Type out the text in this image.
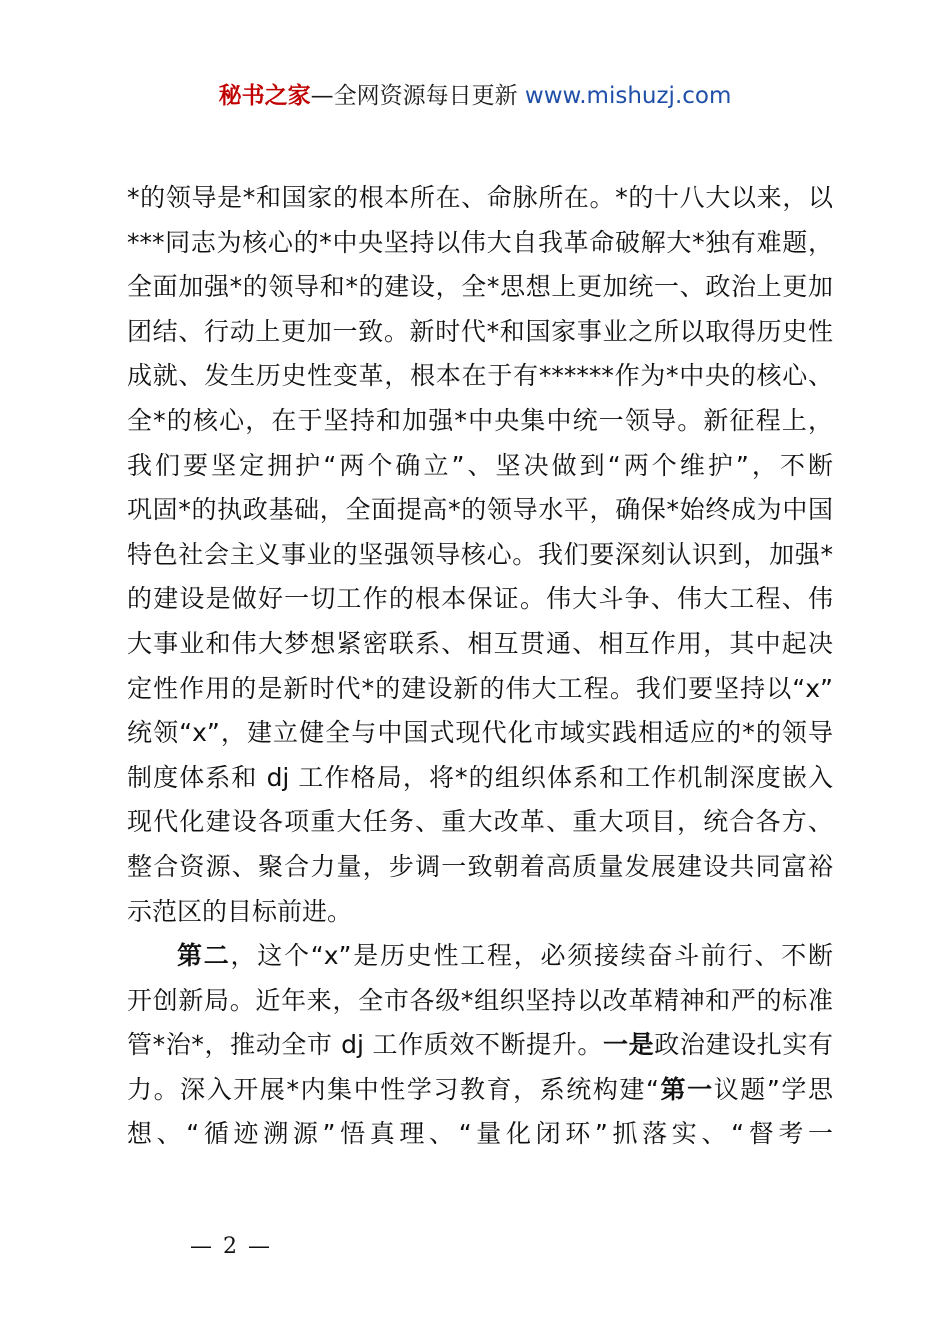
秘书之家—全网资源每日更新 www.mishuzj.com
*的领导是*和国家的根本所在、命脉所在。*的十八大以来，以
***同志为核心的*中央坚持以伟大自我革命破解大*独有难题，
全面加强*的领导和*的建设，全*思想上更加统一、政治上更加
团结、行动上更加一致。新时代*和国家事业之所以取得历史性
成就、发生历史性变革，根本在于有******作为*中央的核心、
全*的核心，在于坚持和加强*中央集中统一领导。新征程上，
我们要坚定拥护“两个确立”、坚决做到“两个维护”，不断
巩固*的执政基础，全面提高*的领导水平，确保*始终成为中国
特色社会主义事业的坚强领导核心。我们要深刻认识到，加强*
的建设是做好一切工作的根本保证。伟大斗争、伟大工程、伟
大事业和伟大梦想紧密联系、相互贯通、相互作用，其中起决
定性作用的是新时代*的建设新的伟大工程。我们要坚持以“x”
统领“x”，建立健全与中国式现代化市域实践相适应的*的领导
制度体系和 dj 工作格局，将*的组织体系和工作机制深度嵌入
现代化建设各项重大任务、重大改革、重大项目，统合各方、
整合资源、聚合力量，步调一致朝着高质量发展建设共同富裕
示范区的目标前进。
第二，这个“x”是历史性工程，必须接续奋斗前行、不断
开创新局。近年来，全市各级*组织坚持以改革精神和严的标准
管*治*，推动全市 dj 工作质效不断提升。一是政治建设扎实有
力。深入开展*内集中性学习教育，系统构建“第一议题”学思
想、“循迹溯源”悟真理、“量化闭环”抓落实、“督考一
— 2 —
